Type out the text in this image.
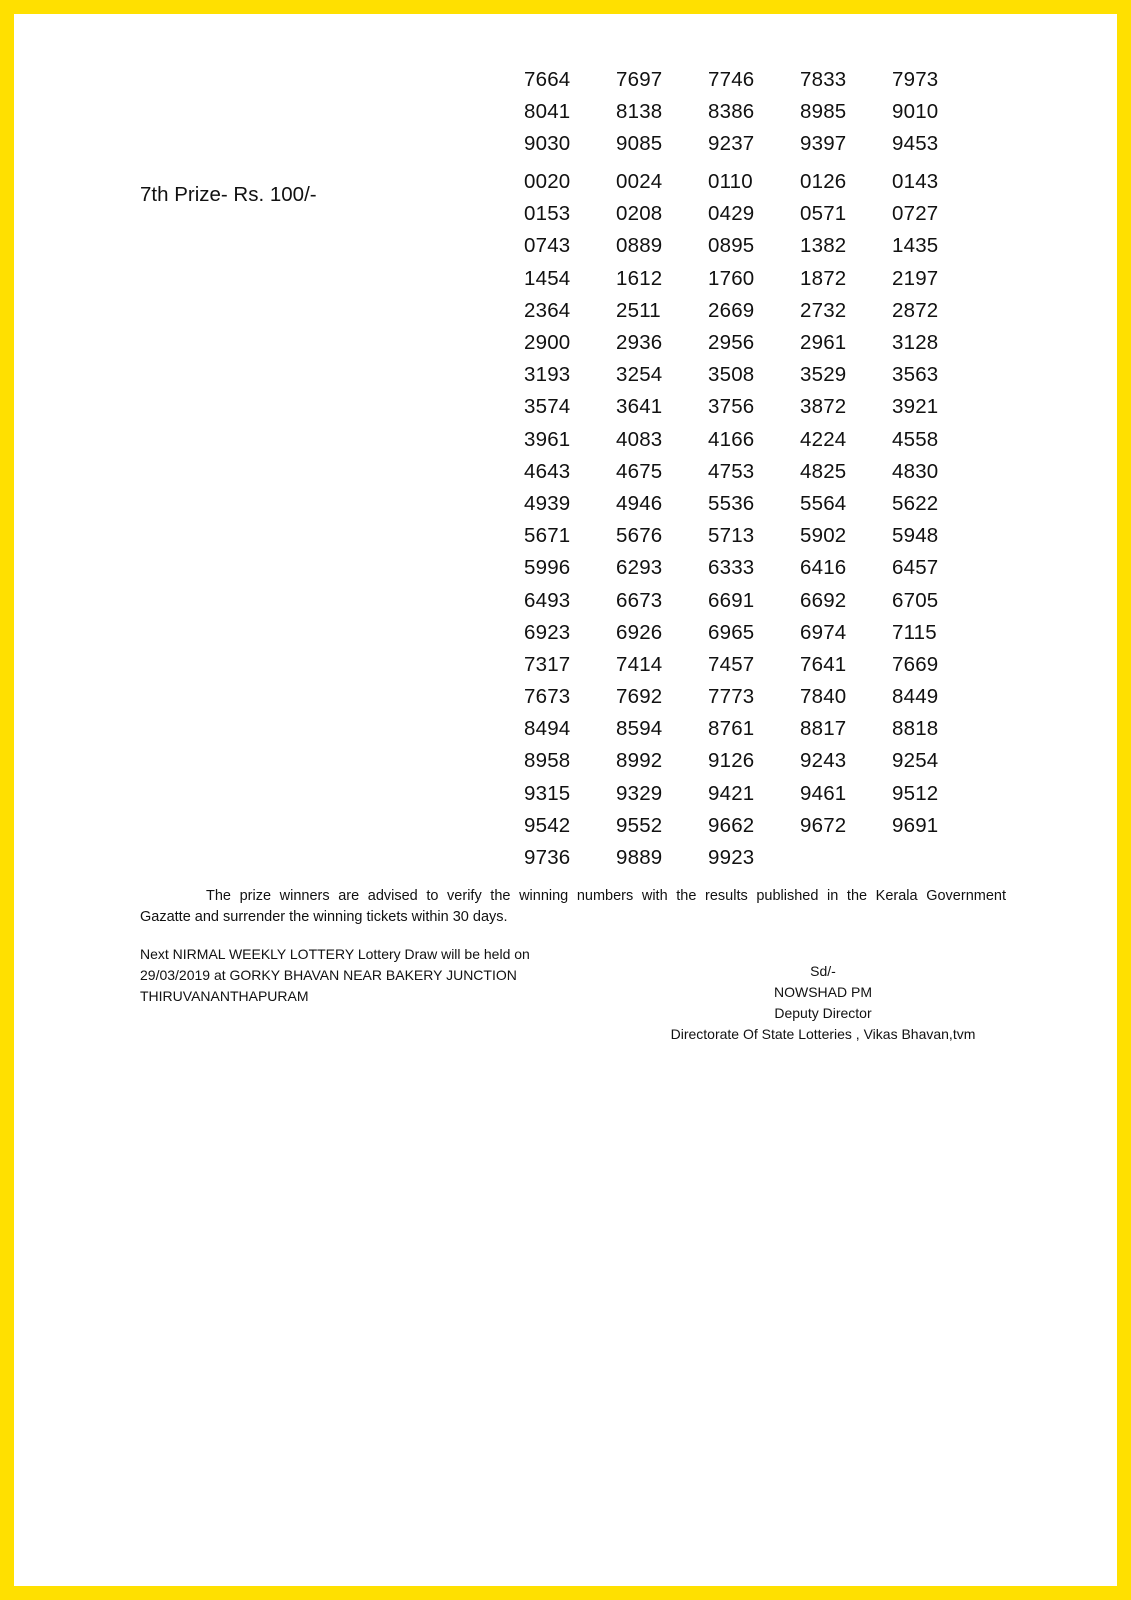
7664	7697	7746	7833	7973
8041	8138	8386	8985	9010
9030	9085	9237	9397	9453
7th Prize- Rs. 100/-
0020	0024	0110	0126	0143
0153	0208	0429	0571	0727
0743	0889	0895	1382	1435
1454	1612	1760	1872	2197
2364	2511	2669	2732	2872
2900	2936	2956	2961	3128
3193	3254	3508	3529	3563
3574	3641	3756	3872	3921
3961	4083	4166	4224	4558
4643	4675	4753	4825	4830
4939	4946	5536	5564	5622
5671	5676	5713	5902	5948
5996	6293	6333	6416	6457
6493	6673	6691	6692	6705
6923	6926	6965	6974	7115
7317	7414	7457	7641	7669
7673	7692	7773	7840	8449
8494	8594	8761	8817	8818
8958	8992	9126	9243	9254
9315	9329	9421	9461	9512
9542	9552	9662	9672	9691
9736	9889	9923
The prize winners are advised to verify the winning numbers with the results published in the Kerala Government
Gazatte and surrender the winning tickets within 30 days.
Next NIRMAL WEEKLY LOTTERY Lottery Draw will be held on
29/03/2019 at GORKY BHAVAN NEAR BAKERY JUNCTION
THIRUVANANTHAPURAM
Sd/-
NOWSHAD PM
Deputy Director
Directorate Of State Lotteries , Vikas Bhavan,tvm
